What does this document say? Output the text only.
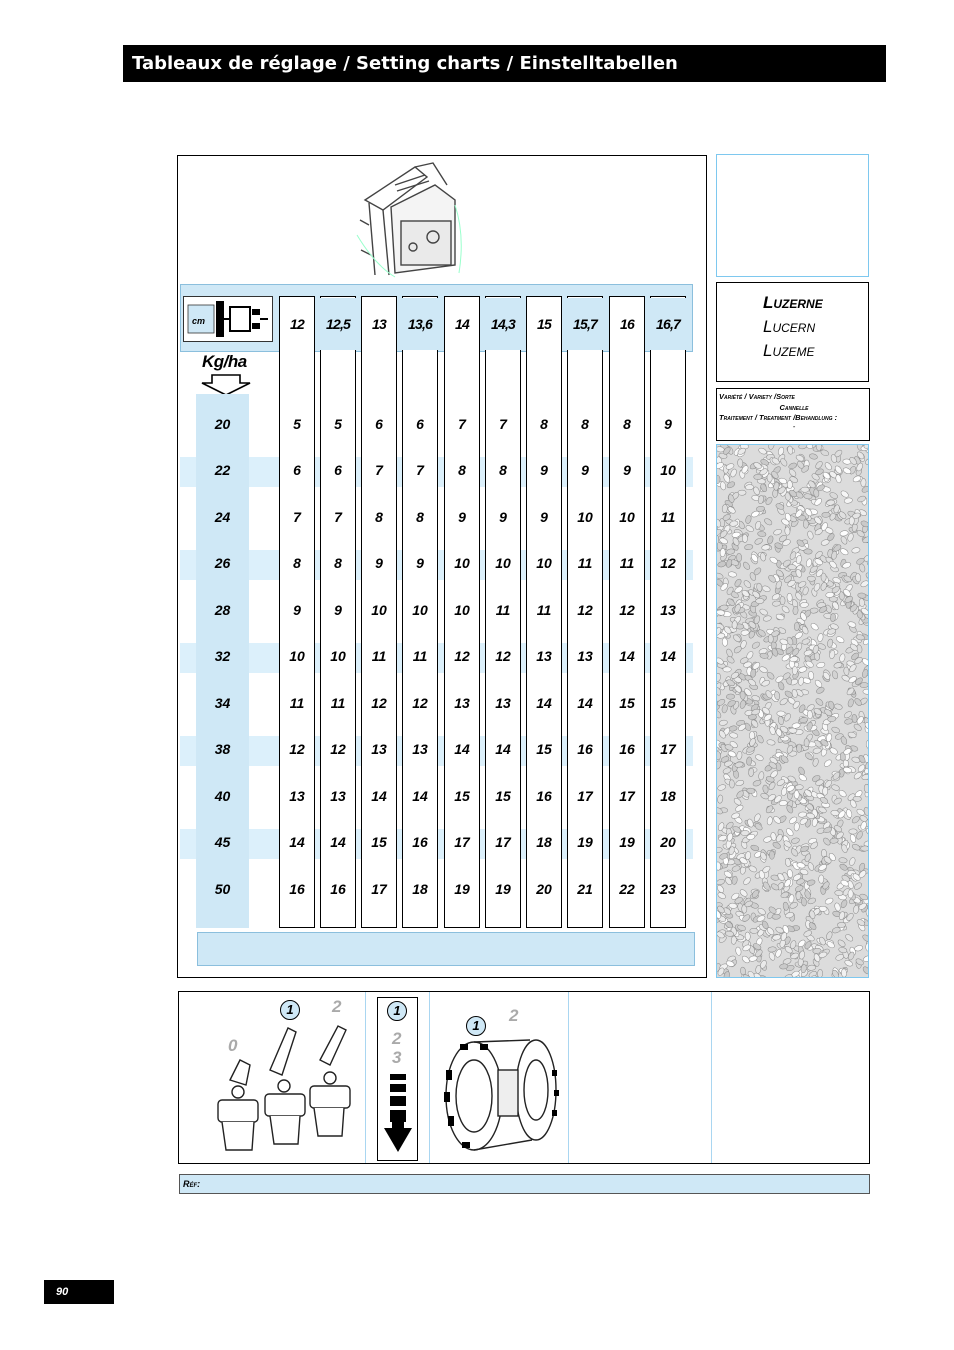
Tableaux de réglage / Setting charts / Einstelltabellen
cm
Kg/ha
12	12,5	13	13,6	14	14,3	15	15,7	16	16,7
20	5	5	6	6	7	7	8	8	8	9
22	6	6	7	7	8	8	9	9	9	10
24	7	7	8	8	9	9	9	10	10	11
26	8	8	9	9	10	10	10	11	11	12
28	9	9	10	10	10	11	11	12	12	13
32	10	10	11	11	12	12	13	13	14	14
34	11	11	12	12	13	13	14	14	15	15
38	12	12	13	13	14	14	15	16	16	17
40	13	13	14	14	15	15	16	17	17	18
45	14	14	15	16	17	17	18	19	19	20
50	16	16	17	18	19	19	20	21	22	23
Luzerne
Lucern
Luzeme
Variété / Variety /Sorte
Cannelle
Traitement / Treatment /Behandlung :
-
1	2
0
1
2
3
1
2
Réf:
90
